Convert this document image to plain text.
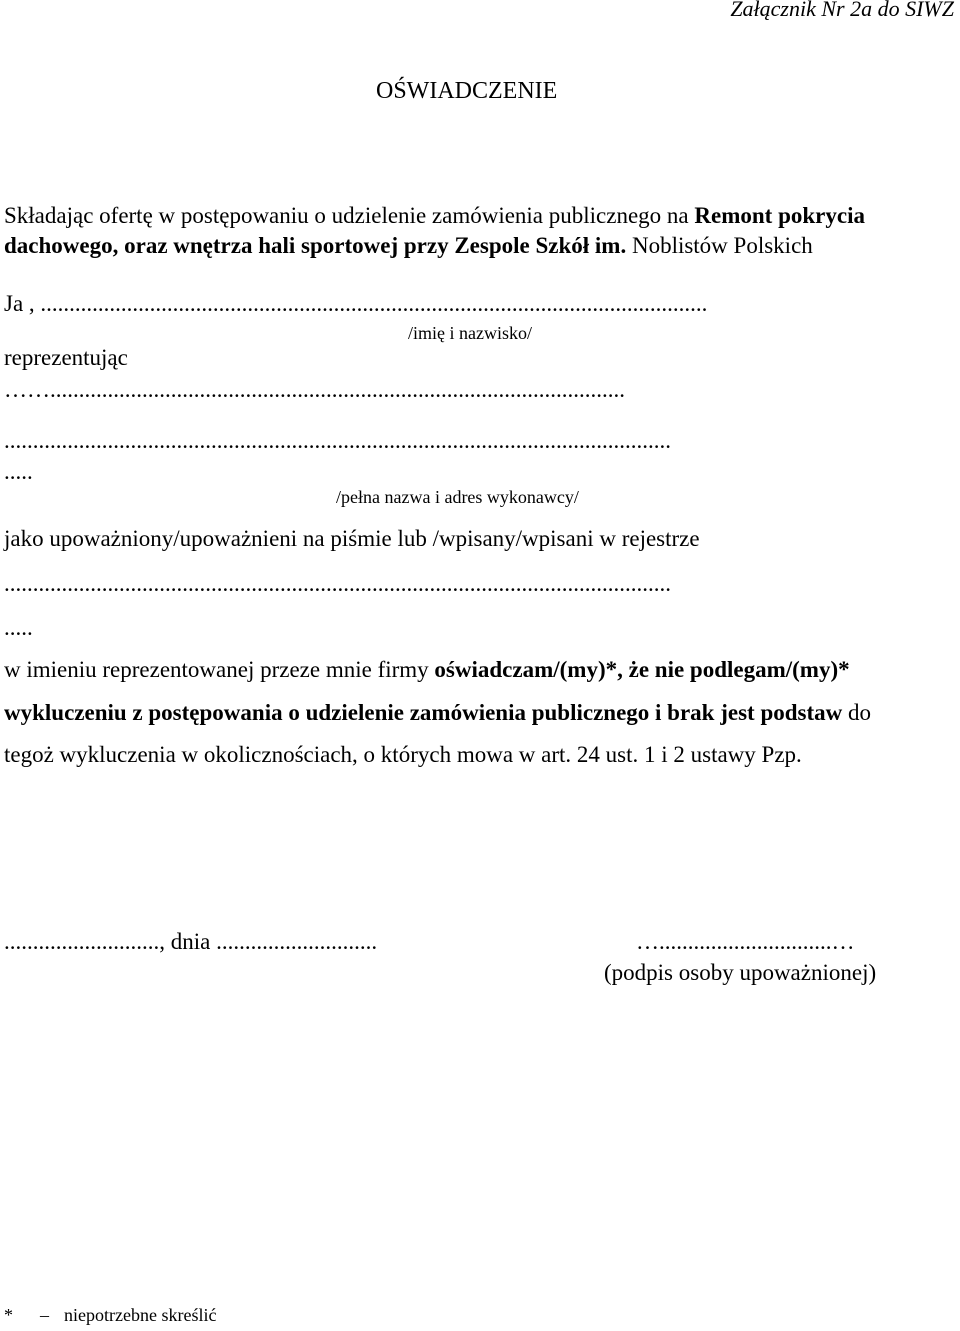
Załącznik Nr 2a do SIWZ
OŚWIADCZENIE
Składając ofertę w postępowaniu o udzielenie zamówienia publicznego na Remont pokrycia
dachowego, oraz wnętrza hali sportowej przy Zespole Szkół im. Noblistów Polskich
Ja , ....................................................................................................................
/imię i nazwisko/
reprezentując
……....................................................................................................
....................................................................................................................
.....
/pełna nazwa i adres wykonawcy/
jako upoważniony/upoważnieni na piśmie lub /wpisany/wpisani w rejestrze
....................................................................................................................
.....
w imieniu reprezentowanej przeze mnie firmy oświadczam/(my)*, że nie podlegam/(my)*
wykluczeniu z postępowania o udzielenie zamówienia publicznego i brak jest podstaw do
tegoż wykluczenia w okolicznościach, o których mowa w art. 24 ust. 1 i 2 ustawy Pzp.
..........................., dnia ............................	…..............................…
(podpis osoby upoważnionej)
* – niepotrzebne skreślić
